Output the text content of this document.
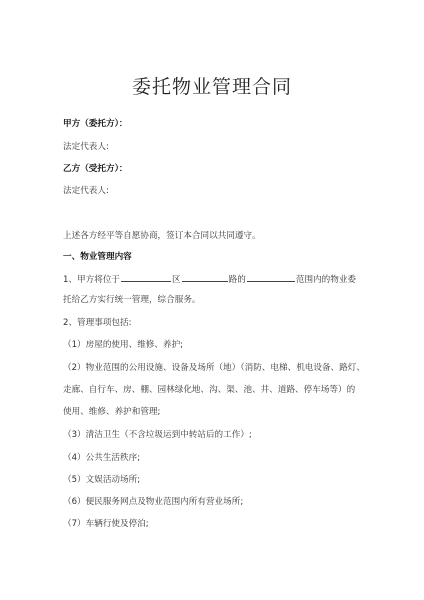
委托物业管理合同
甲方（委托方）：
法定代表人:
乙方（受托方）：
法定代表人:
上述各方经平等自愿协商，签订本合同以共同遵守。
一、物业管理内容
1、甲方将位于	区	路的	范围内的物业委
托给乙方实行统一管理，综合服务。
2、管理事项包括:
（1）房屋的使用、维修、养护;
（2）物业范围的公用设施、设备及场所（地）（消防、电梯、机电设备、路灯、
走廊、自行车、房、棚、园林绿化地、沟、渠、池、井、道路、停车场等）的
使用、维修、养护和管理;
（3）清洁卫生（不含垃圾运到中转站后的工作）;
（4）公共生活秩序;
（5）文娱活动场所;
（6）便民服务网点及物业范围内所有营业场所;
（7）车辆行使及停泊;
